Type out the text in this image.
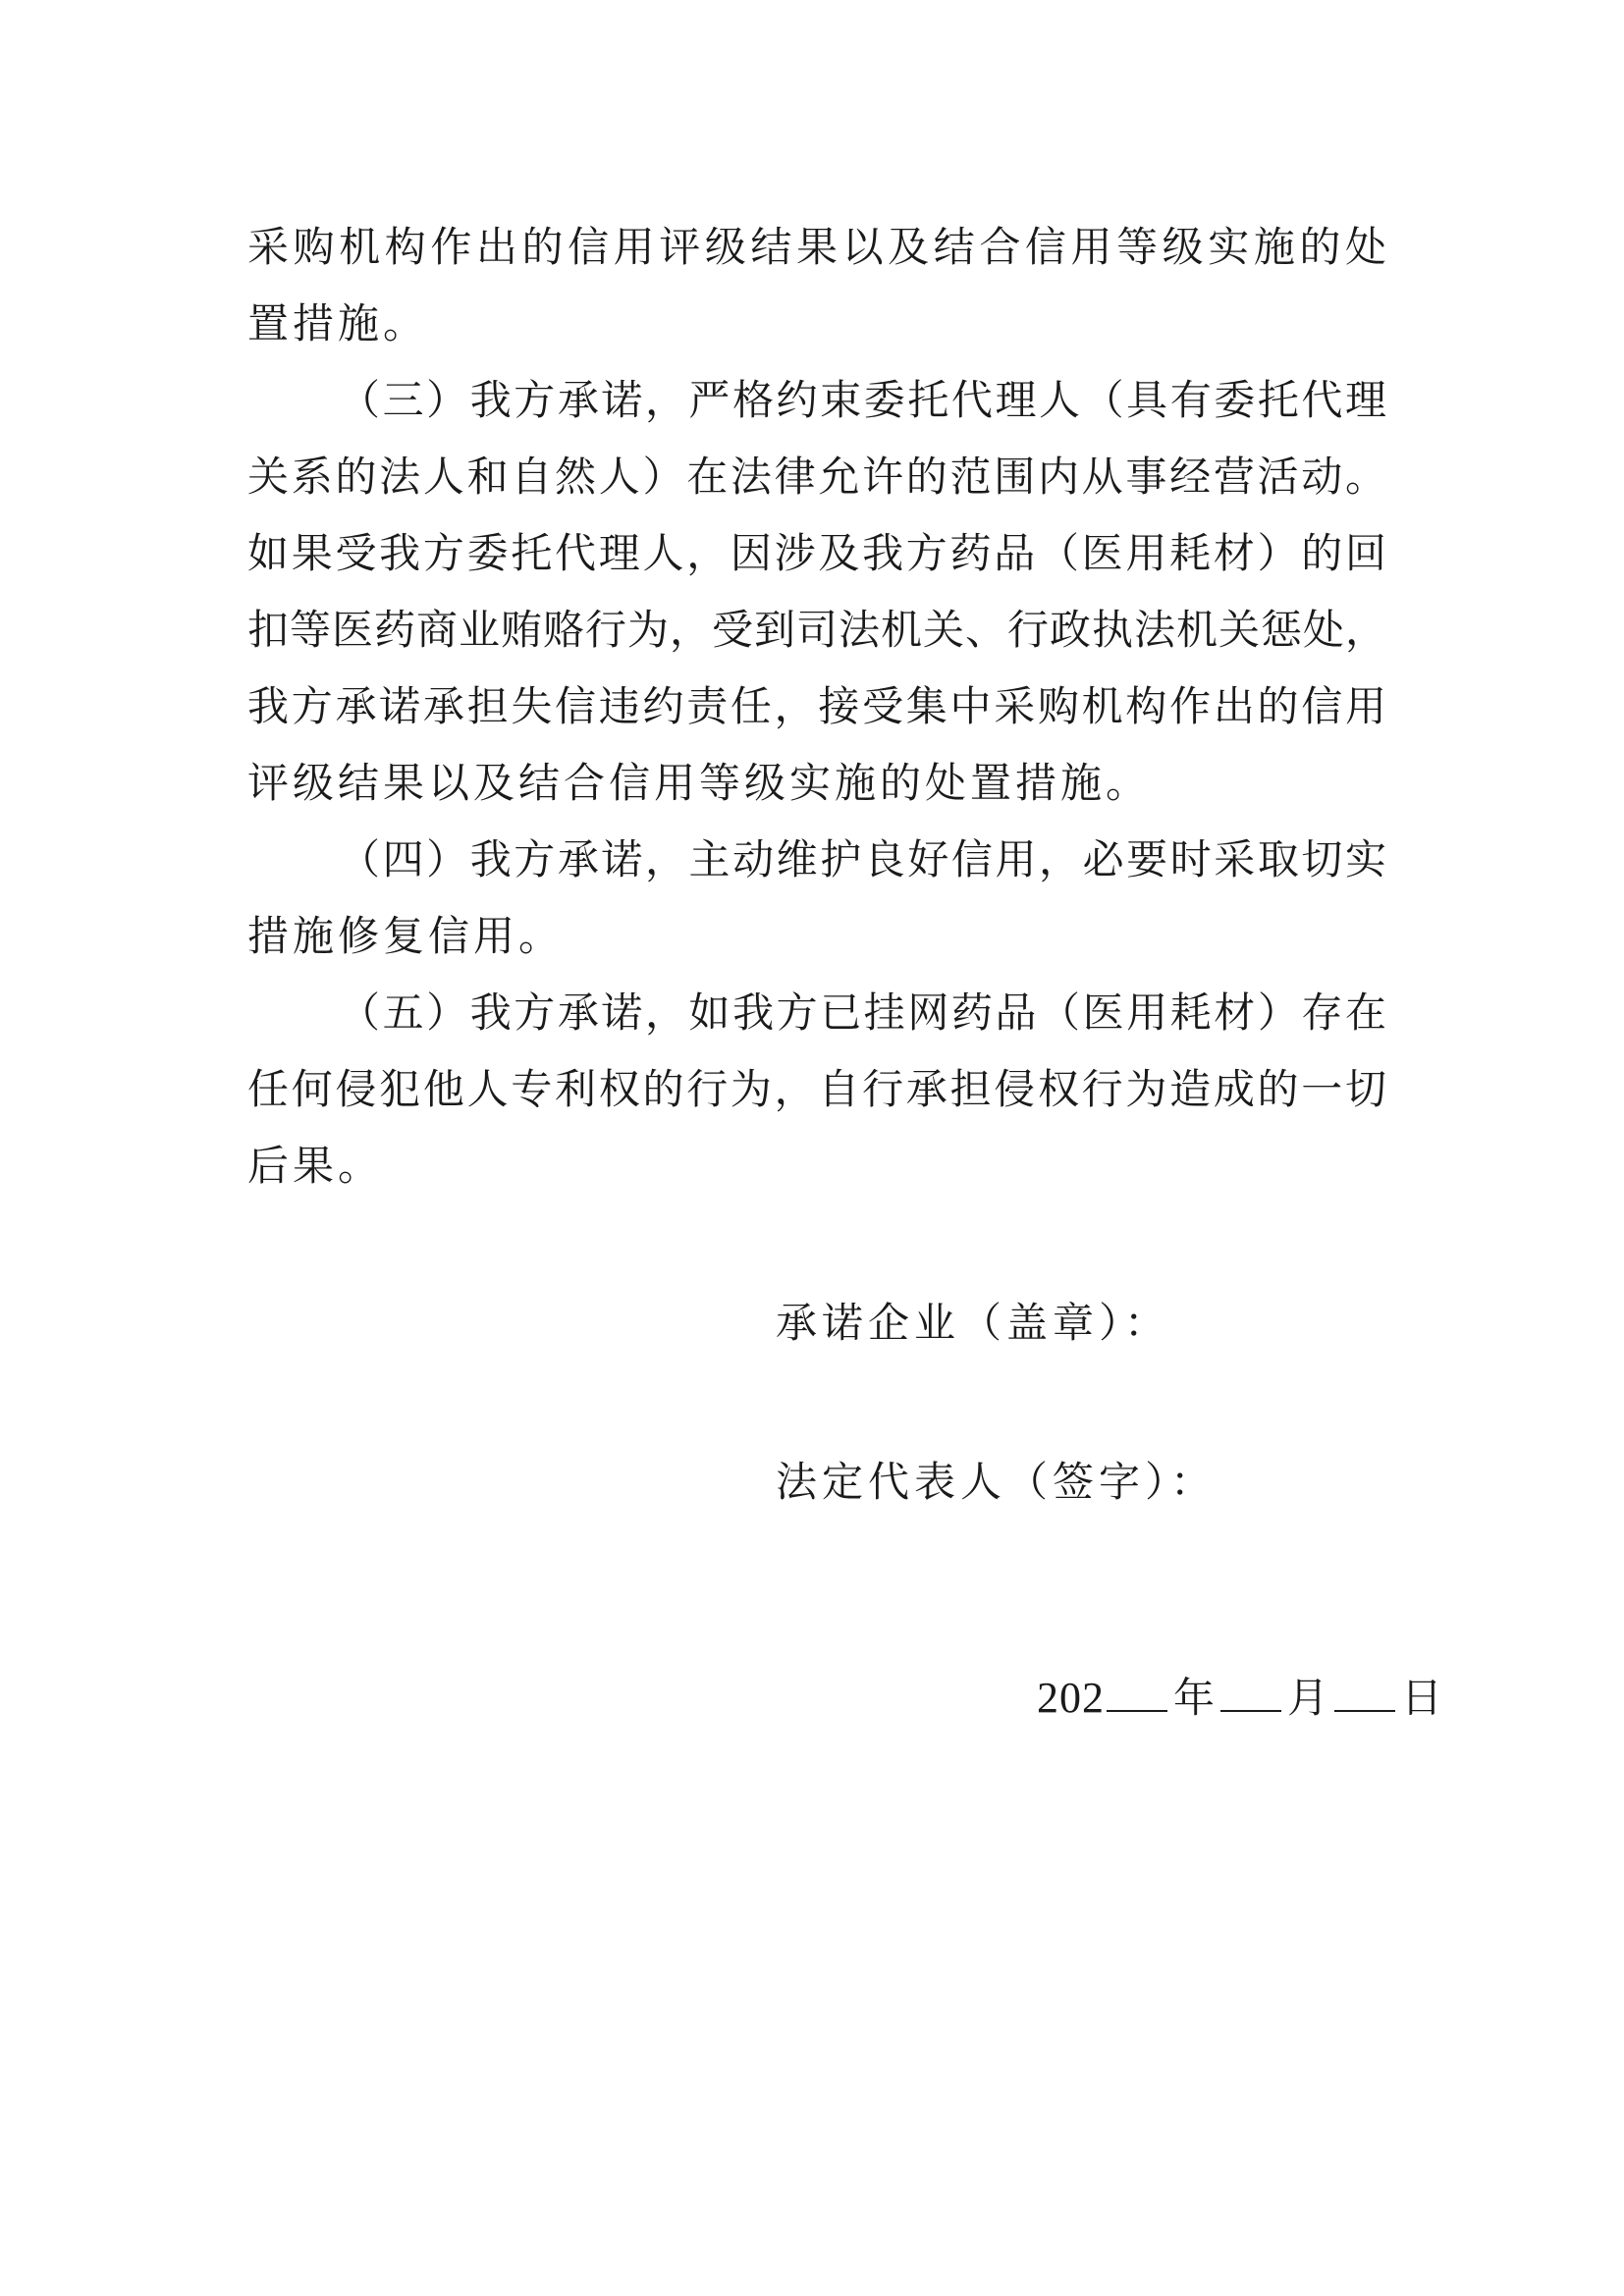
采购机构作出的信用评级结果以及结合信用等级实施的处
置措施。
（三）我方承诺，严格约束委托代理人（具有委托代理
关系的法人和自然人）在法律允许的范围内从事经营活动。
如果受我方委托代理人，因涉及我方药品（医用耗材）的回
扣等医药商业贿赂行为，受到司法机关、行政执法机关惩处，
我方承诺承担失信违约责任，接受集中采购机构作出的信用
评级结果以及结合信用等级实施的处置措施。
（四）我方承诺，主动维护良好信用，必要时采取切实
措施修复信用。
（五）我方承诺，如我方已挂网药品（医用耗材）存在
任何侵犯他人专利权的行为，自行承担侵权行为造成的一切
后果。
承诺企业（盖章）：
法定代表人（签字）：
202 年 月 日
